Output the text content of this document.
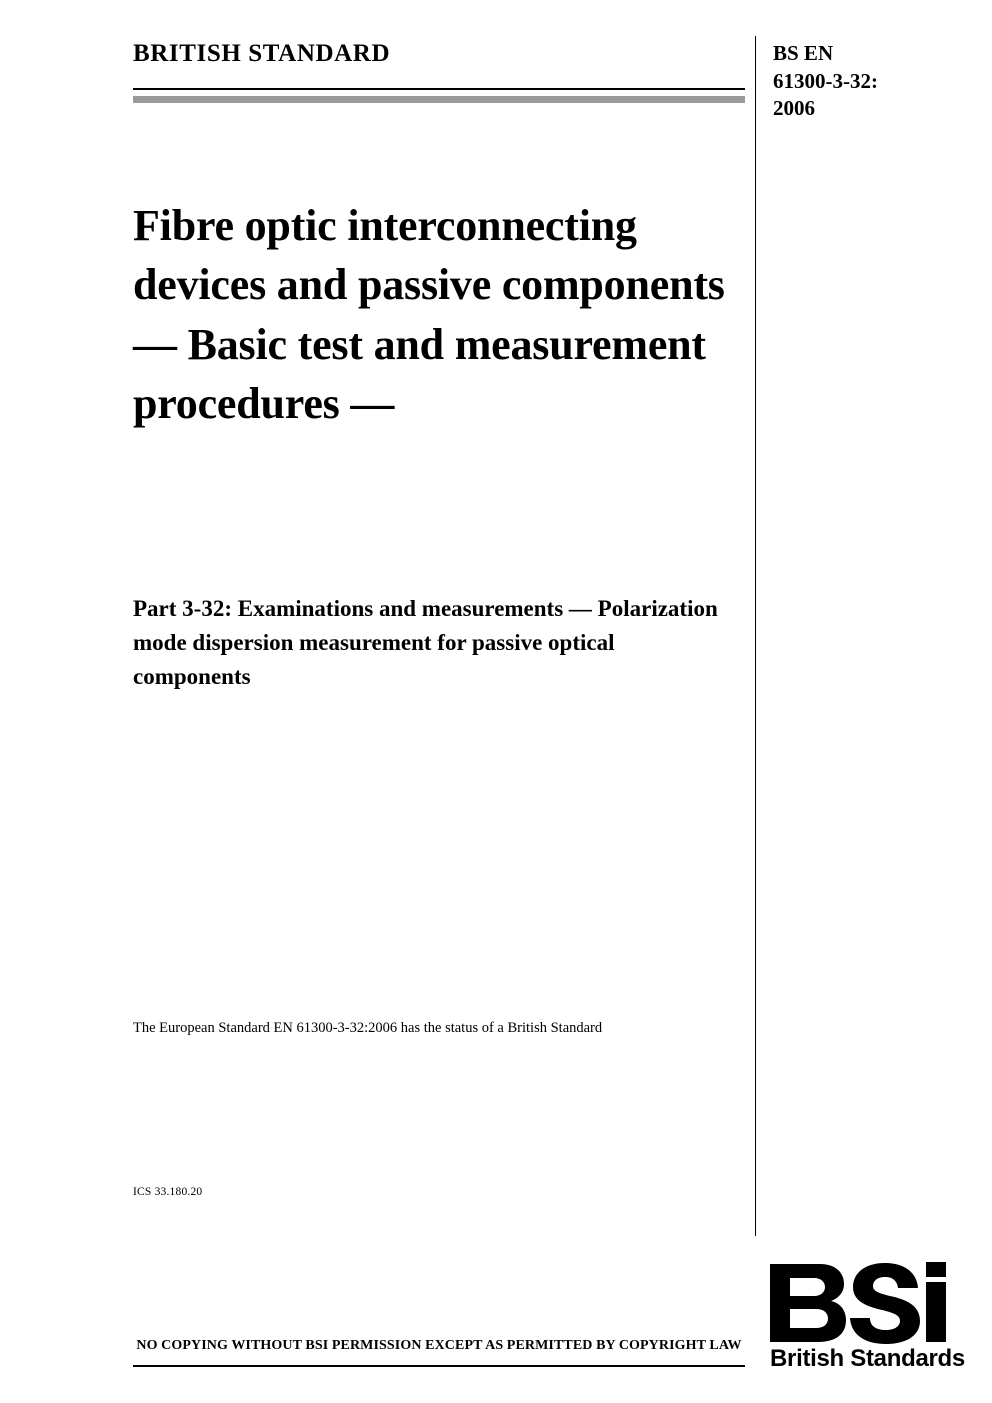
BRITISH STANDARD	BS EN
61300-3-32:
2006
Fibre optic interconnecting devices and passive components — Basic test and measurement procedures —
Part 3-32: Examinations and measurements — Polarization mode dispersion measurement for passive optical components
The European Standard EN 61300-3-32:2006 has the status of a British Standard
ICS 33.180.20
NO COPYING WITHOUT BSI PERMISSION EXCEPT AS PERMITTED BY COPYRIGHT LAW British Standards
